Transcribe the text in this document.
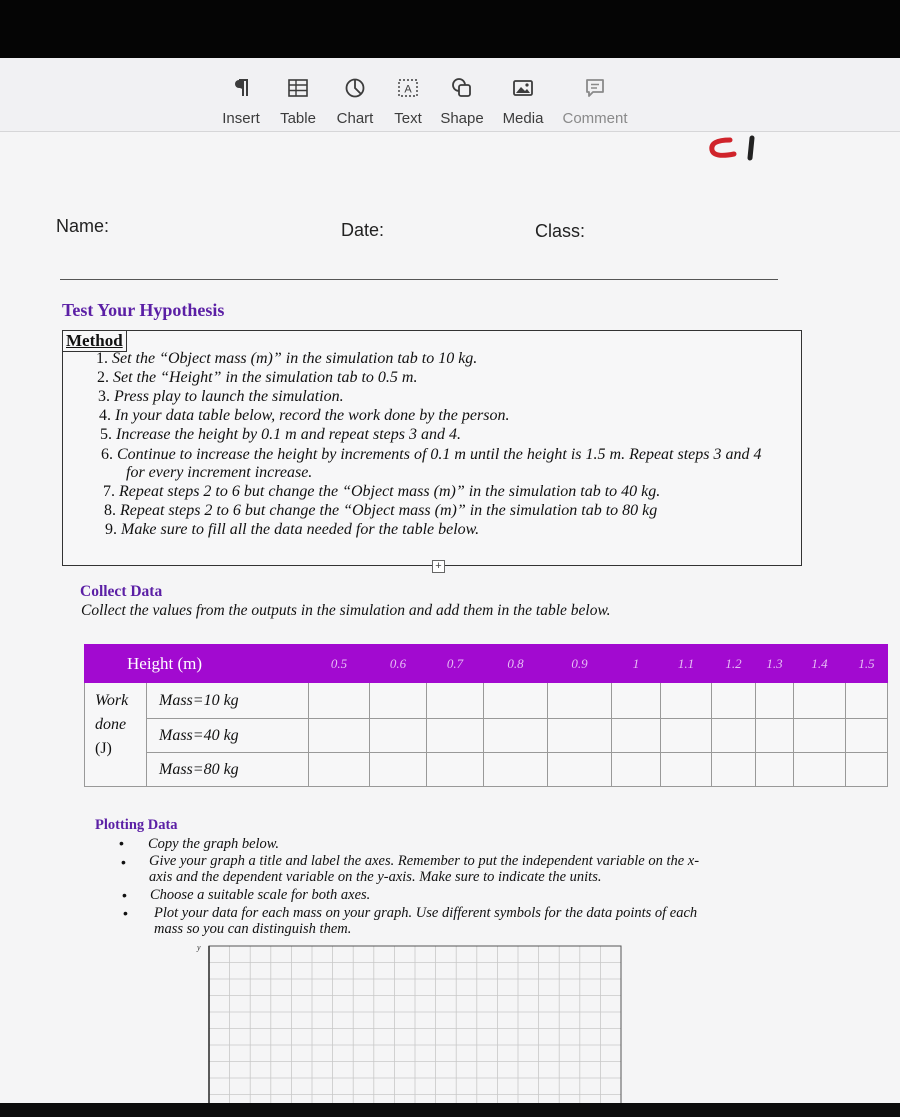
Insert Table Chart
A
Text Shape Media Comment
Name:	Date:	Class:
Test Your Hypothesis
Method
1. Set the “Object mass (m)” in the simulation tab to 10 kg.
2. Set the “Height” in the simulation tab to 0.5 m.
3. Press play to launch the simulation.
4. In your data table below, record the work done by the person.
5. Increase the height by 0.1 m and repeat steps 3 and 4.
6. Continue to increase the height by increments of 0.1 m until the height is 1.5 m. Repeat steps 3 and 4
for every increment increase.
7. Repeat steps 2 to 6 but change the “Object mass (m)” in the simulation tab to 40 kg.
8. Repeat steps 2 to 6 but change the “Object mass (m)” in the simulation tab to 80 kg
9. Make sure to fill all the data needed for the table below.
+
Collect Data
Collect the values from the outputs in the simulation and add them in the table below.
Height (m)		0.5	0.6	0.7	0.8	0.9	1	1.1	1.2	1.3	1.4	1.5
Work
done
(J)	Mass=10 kg											
	Mass=40 kg											
	Mass=80 kg											
Plotting Data
• Copy the graph below.
• Give your graph a title and label the axes. Remember to put the independent variable on the x-
axis and the dependent variable on the y-axis. Make sure to indicate the units.
• Choose a suitable scale for both axes.
• Plot your data for each mass on your graph. Use different symbols for the data points of each
mass so you can distinguish them.
y
